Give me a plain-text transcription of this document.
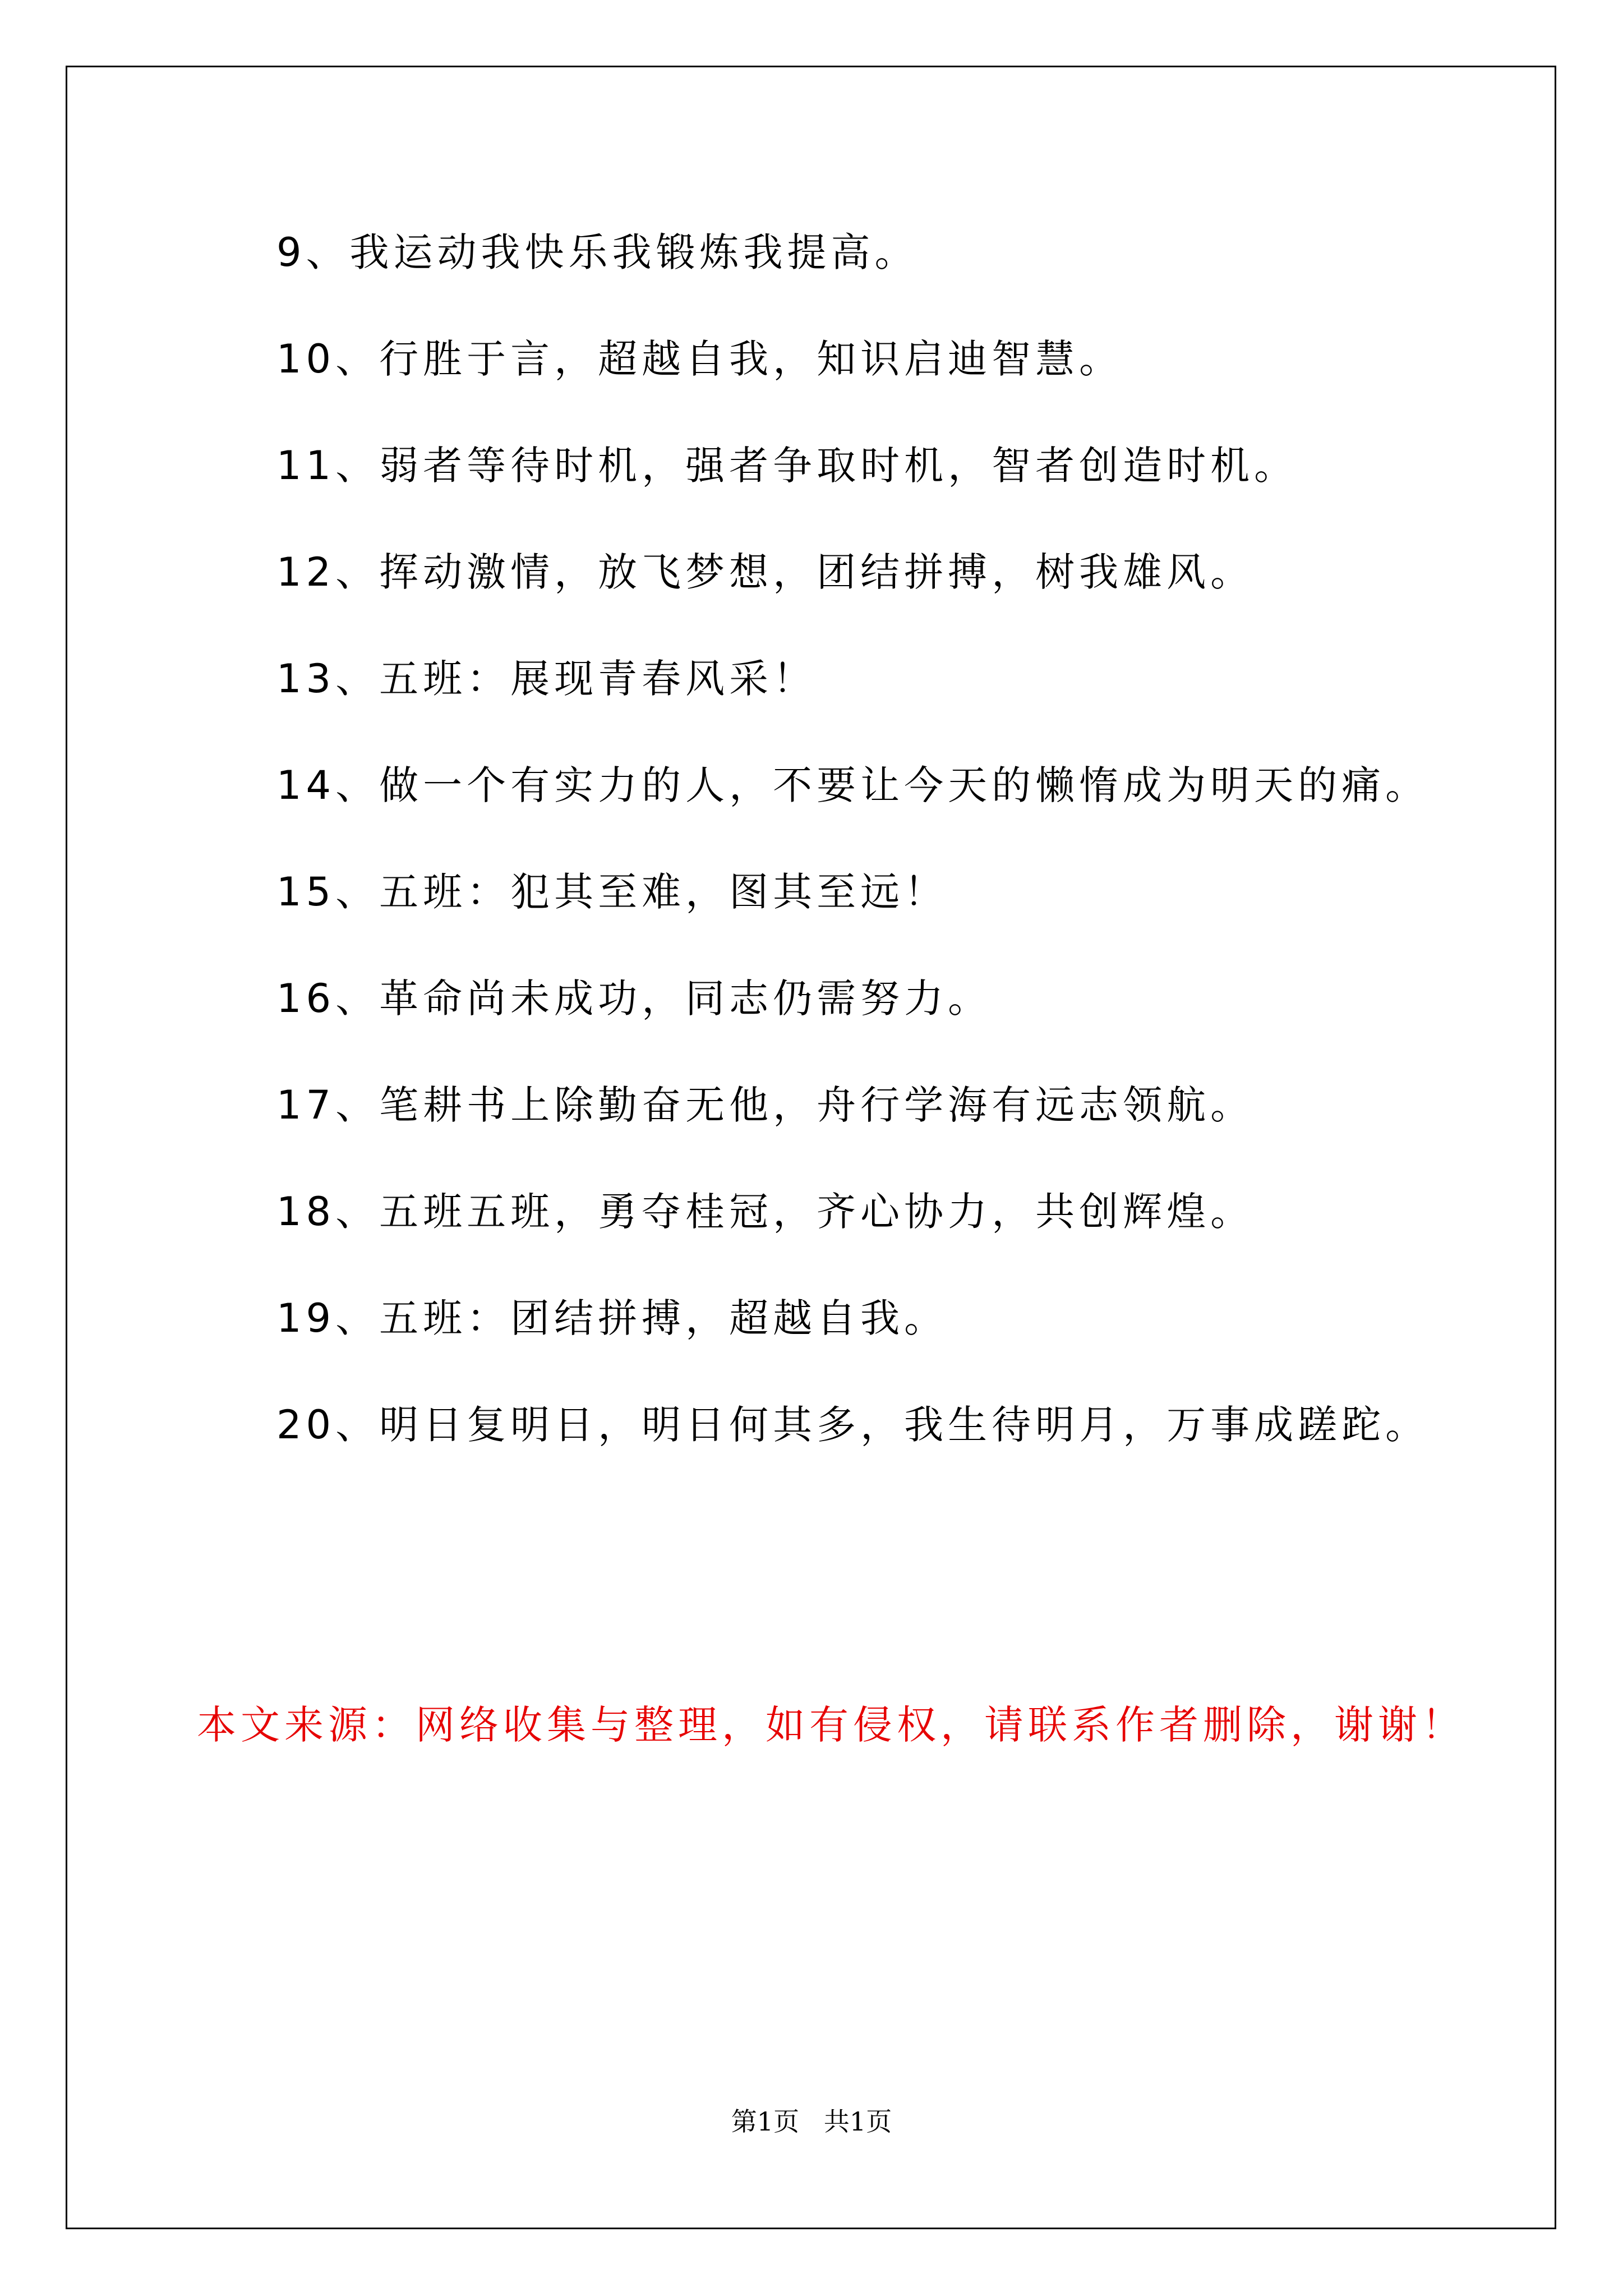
9、我运动我快乐我锻炼我提高。
10、行胜于言，超越自我，知识启迪智慧。
11、弱者等待时机，强者争取时机，智者创造时机。
12、挥动激情，放飞梦想，团结拼搏，树我雄风。
13、五班：展现青春风采！
14、做一个有实力的人，不要让今天的懒惰成为明天的痛。
15、五班：犯其至难，图其至远！
16、革命尚未成功，同志仍需努力。
17、笔耕书上除勤奋无他，舟行学海有远志领航。
18、五班五班，勇夺桂冠，齐心协力，共创辉煌。
19、五班：团结拼搏，超越自我。
20、明日复明日，明日何其多，我生待明月，万事成蹉跎。
本文来源：网络收集与整理，如有侵权，请联系作者删除，谢谢！
第1页   共1页
